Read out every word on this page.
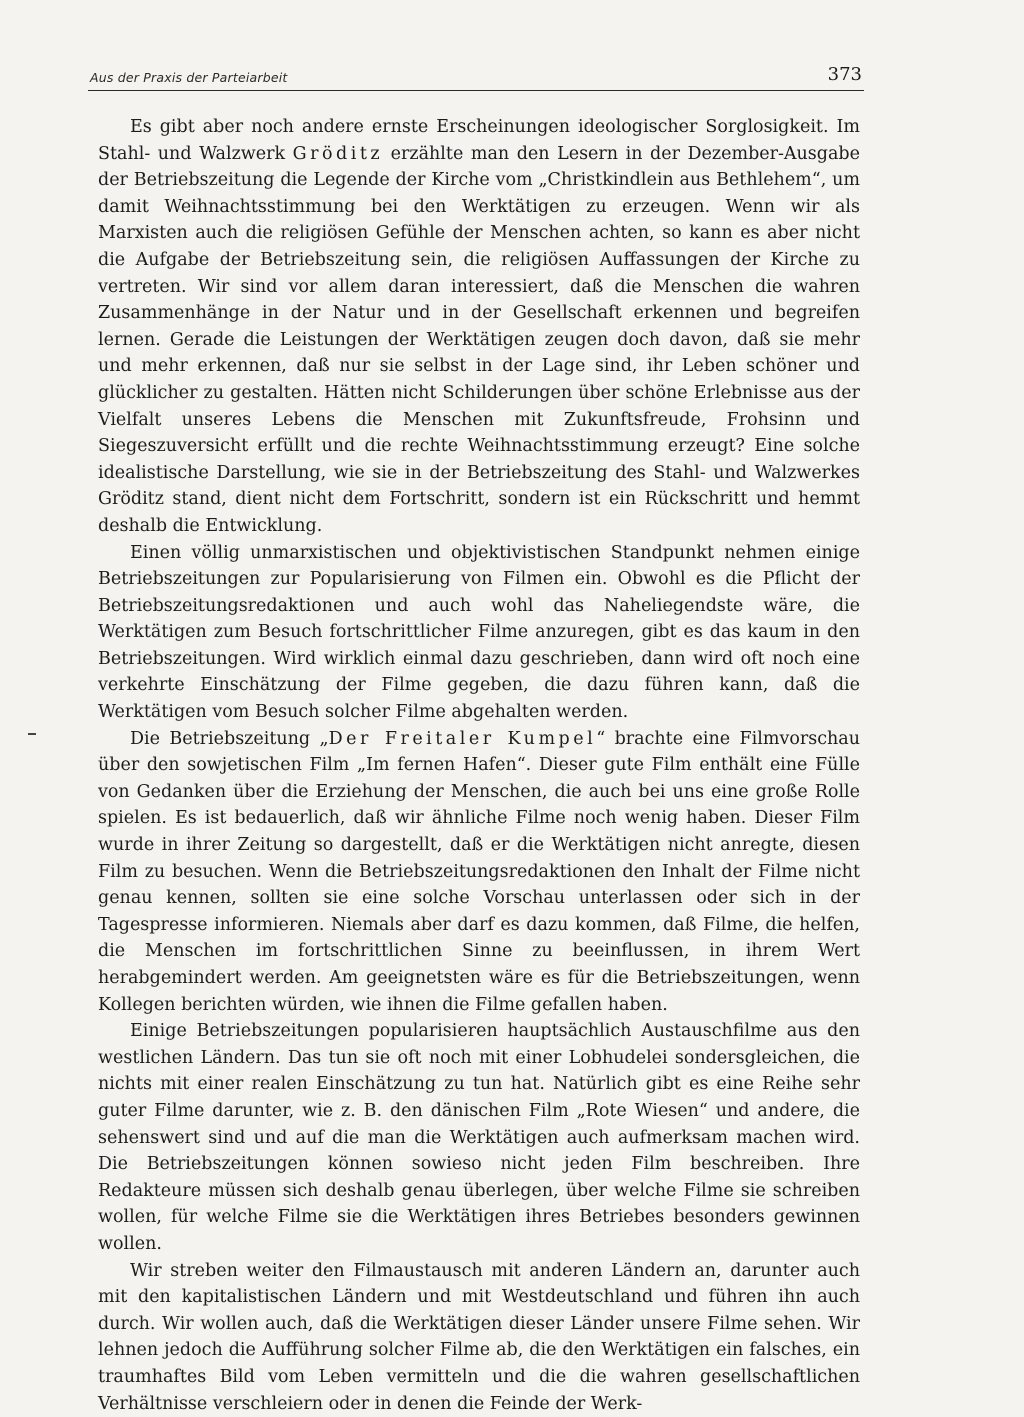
Aus der Praxis der Parteiarbeit	373

Es gibt aber noch andere ernste Erscheinungen ideologischer Sorglosigkeit. Im Stahl- und Walzwerk Gröditz erzählte man den Lesern in der Dezember-Ausgabe der Betriebszeitung die Legende der Kirche vom „Christkindlein aus Bethlehem“, um damit Weihnachtsstimmung bei den Werktätigen zu erzeugen. Wenn wir als Marxisten auch die religiösen Gefühle der Menschen achten, so kann es aber nicht die Aufgabe der Betriebszeitung sein, die religiösen Auffassungen der Kirche zu vertreten. Wir sind vor allem daran interessiert, daß die Menschen die wahren Zusammenhänge in der Natur und in der Gesellschaft erkennen und begreifen lernen. Gerade die Leistungen der Werktätigen zeugen doch davon, daß sie mehr und mehr erkennen, daß nur sie selbst in der Lage sind, ihr Leben schöner und glücklicher zu gestalten. Hätten nicht Schilderungen über schöne Erlebnisse aus der Vielfalt unseres Lebens die Menschen mit Zukunftsfreude, Frohsinn und Siegeszuversicht erfüllt und die rechte Weihnachtsstimmung erzeugt? Eine solche idealistische Darstellung, wie sie in der Betriebszeitung des Stahl- und Walzwerkes Gröditz stand, dient nicht dem Fortschritt, sondern ist ein Rückschritt und hemmt deshalb die Entwicklung.

Einen völlig unmarxistischen und objektivistischen Standpunkt nehmen einige Betriebszeitungen zur Popularisierung von Filmen ein. Obwohl es die Pflicht der Betriebszeitungsredaktionen und auch wohl das Naheliegendste wäre, die Werktätigen zum Besuch fortschrittlicher Filme anzuregen, gibt es das kaum in den Betriebszeitungen. Wird wirklich einmal dazu geschrieben, dann wird oft noch eine verkehrte Einschätzung der Filme gegeben, die dazu führen kann, daß die Werktätigen vom Besuch solcher Filme abgehalten werden.

Die Betriebszeitung „Der Freitaler Kumpel“ brachte eine Filmvorschau über den sowjetischen Film „Im fernen Hafen“. Dieser gute Film enthält eine Fülle von Gedanken über die Erziehung der Menschen, die auch bei uns eine große Rolle spielen. Es ist bedauerlich, daß wir ähnliche Filme noch wenig haben. Dieser Film wurde in ihrer Zeitung so dargestellt, daß er die Werktätigen nicht anregte, diesen Film zu besuchen. Wenn die Betriebszeitungsredaktionen den Inhalt der Filme nicht genau kennen, sollten sie eine solche Vorschau unterlassen oder sich in der Tagespresse informieren. Niemals aber darf es dazu kommen, daß Filme, die helfen, die Menschen im fortschrittlichen Sinne zu beeinflussen, in ihrem Wert herabgemindert werden. Am geeignetsten wäre es für die Betriebszeitungen, wenn Kollegen berichten würden, wie ihnen die Filme gefallen haben.

Einige Betriebszeitungen popularisieren hauptsächlich Austauschfilme aus den westlichen Ländern. Das tun sie oft noch mit einer Lobhudelei sondersgleichen, die nichts mit einer realen Einschätzung zu tun hat. Natürlich gibt es eine Reihe sehr guter Filme darunter, wie z. B. den dänischen Film „Rote Wiesen“ und andere, die sehenswert sind und auf die man die Werktätigen auch aufmerksam machen wird. Die Betriebszeitungen können sowieso nicht jeden Film beschreiben. Ihre Redakteure müssen sich deshalb genau überlegen, über welche Filme sie schreiben wollen, für welche Filme sie die Werktätigen ihres Betriebes besonders gewinnen wollen.

Wir streben weiter den Filmaustausch mit anderen Ländern an, darunter auch mit den kapitalistischen Ländern und mit Westdeutschland und führen ihn auch durch. Wir wollen auch, daß die Werktätigen dieser Länder unsere Filme sehen. Wir lehnen jedoch die Aufführung solcher Filme ab, die den Werktätigen ein falsches, ein traumhaftes Bild vom Leben vermitteln und die die wahren gesellschaftlichen Verhältnisse verschleiern oder in denen die Feinde der Werk-
